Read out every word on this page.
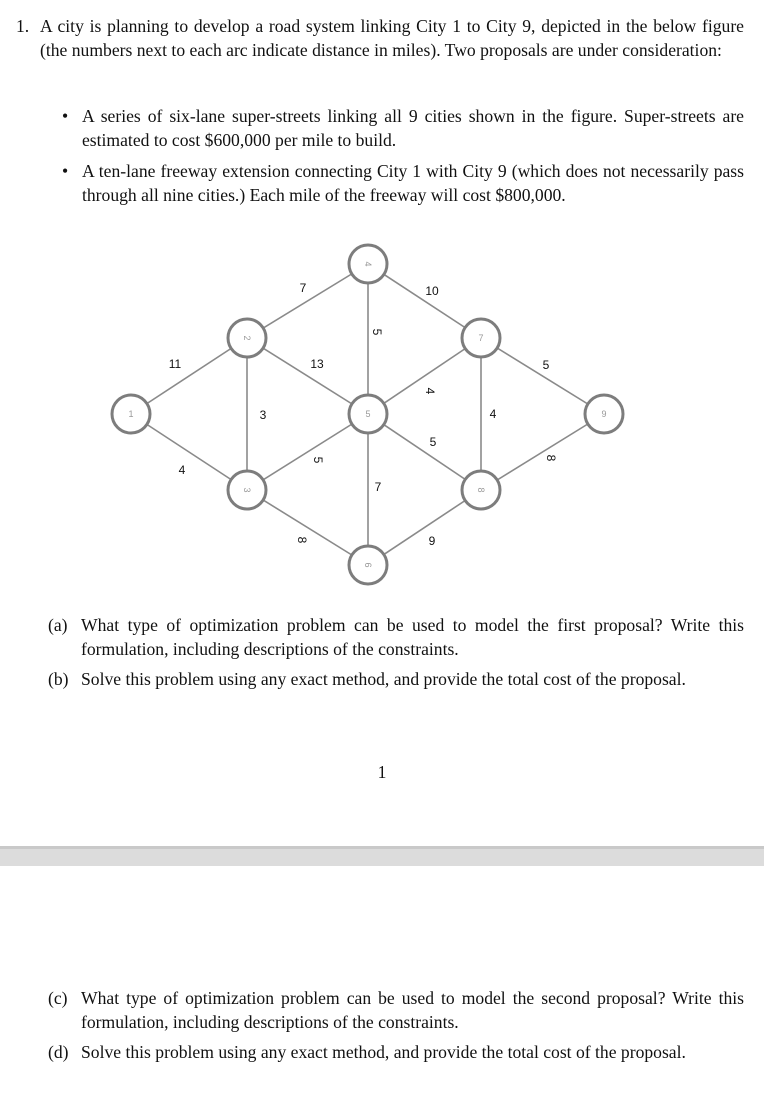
1. A city is planning to develop a road system linking City 1 to City 9, depicted in the below figure (the numbers next to each arc indicate distance in miles). Two proposals are under consideration:
• A series of six-lane super-streets linking all 9 cities shown in the figure. Super-streets are estimated to cost $600,000 per mile to build.
• A ten-lane freeway extension connecting City 1 with City 9 (which does not necessarily pass through all nine cities.) Each mile of the freeway will cost $800,000.
11
4
3
7
13
5
8
5
10
7
4
5
9
4
5
8
1
2
3
4
5
6
7
8
9
(a) What type of optimization problem can be used to model the first proposal? Write this formulation, including descriptions of the constraints.
(b) Solve this problem using any exact method, and provide the total cost of the proposal.
1
(c) What type of optimization problem can be used to model the second proposal? Write this formulation, including descriptions of the constraints.
(d) Solve this problem using any exact method, and provide the total cost of the proposal.
